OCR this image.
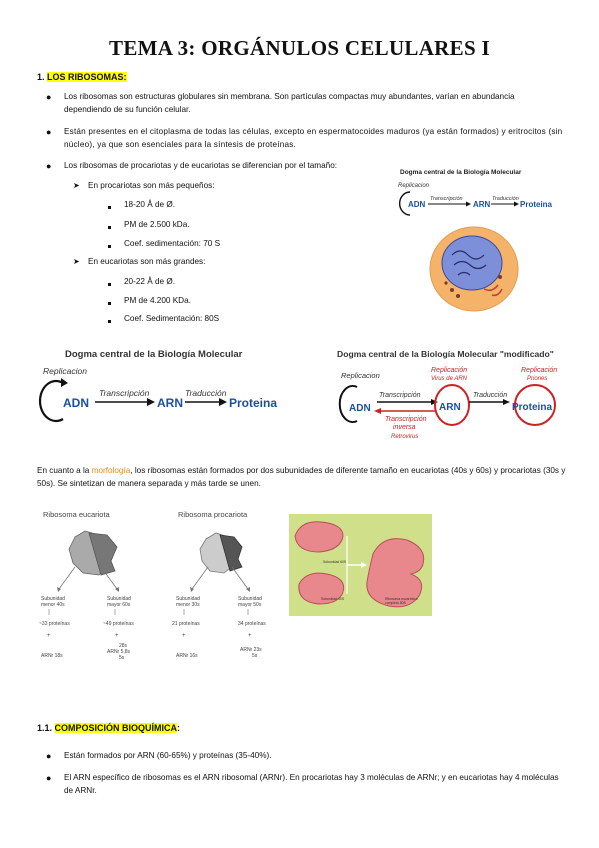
TEMA 3: ORGÁNULOS CELULARES I
1. LOS RIBOSOMAS:
● Los ribosomas son estructuras globulares sin membrana. Son partículas compactas muy abundantes, varían en abundancia dependiendo de su función celular.
● Están presentes en el citoplasma de todas las células, excepto en espermatocoides maduros (ya están formados) y eritrocitos (sin núcleo), ya que son esenciales para la síntesis de proteínas.
● Los ribosomas de procariotas y de eucariotas se diferencian por el tamaño:
➤ En procariotas son más pequeños:
18-20 Å de Ø.
PM de 2.500 kDa.
Coef. sedimentación: 70 S
➤ En eucariotas son más grandes:
20-22 Å de Ø.
PM de 4.200 KDa.
Coef. Sedimentación: 80S
Dogma central de la Biología Molecular
Replicacion
ADN
Transcripción
ARN
Traducción
Proteina
Dogma central de la Biología Molecular
Replicacion
ADN
Transcripción
ARN
Traducción
Proteina
Dogma central de la Biología Molecular "modificado"
Replicacion
ADN
Transcripción
Transcripción
inversa
Retrovirus
Replicación
Virus de ARN
ARN
Traducción
Replicación
Priones
Proteina
En cuanto a la morfología, los ribosomas están formados por dos subunidades de diferente tamaño en eucariotas (40s y 60s) y procariotas (30s y 50s). Se sintetizan de manera separada y más tarde se unen.
Ribosoma eucariota
Subunidad
menor 40s
Subunidad
mayor 60s
~33 proteínas	~49 proteínas
+	+
ARNr 18s
28s
ARNr 5,8s
5s
Ribosoma procariota
Subunidad
menor 30s
Subunidad
mayor 50s
21 proteínas	34 proteínas
+	+
ARNr 16s
ARNr 23s
5s
Subunidad 60S
Subunidad 40S	Ribosoma eucariótico
completo 80S
1.1. COMPOSICIÓN BIOQUÍMICA:
● Están formados por ARN (60-65%) y proteínas (35-40%).
● El ARN específico de ribosomas es el ARN ribosomal (ARNr). En procariotas hay 3 moléculas de ARNr; y en eucariotas hay 4 moléculas de ARNr.
